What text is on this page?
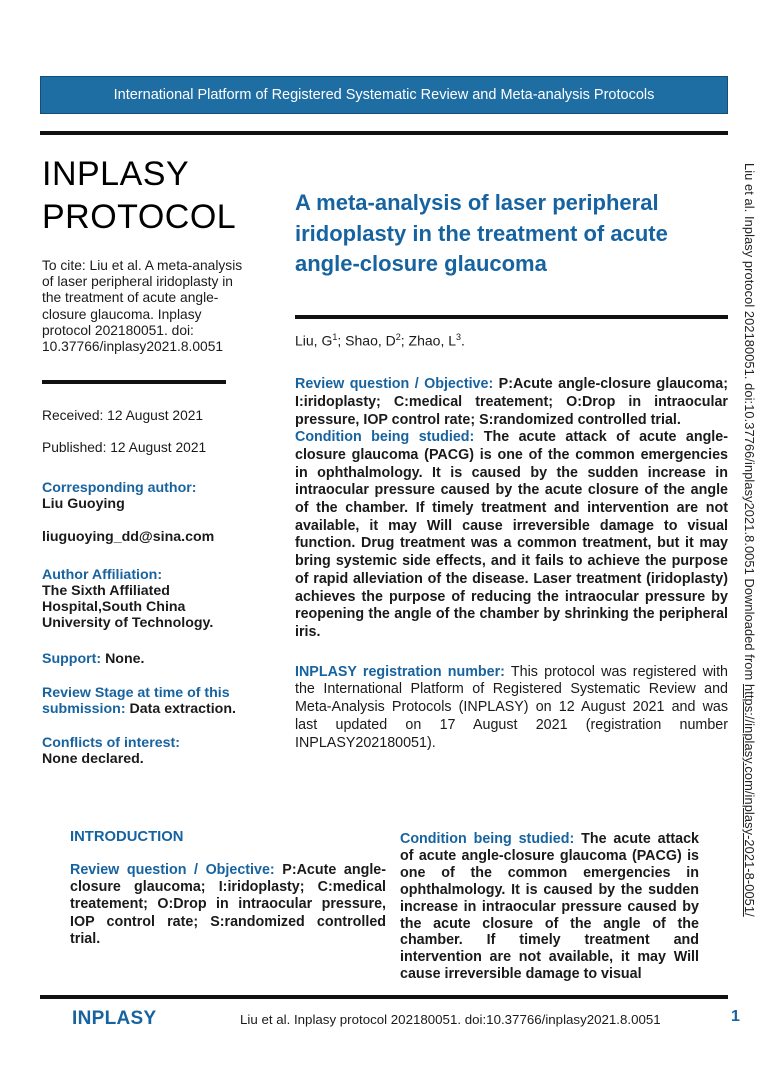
International Platform of Registered Systematic Review and Meta-analysis Protocols
INPLASY
PROTOCOL
To cite: Liu et al. A meta-analysis of laser peripheral iridoplasty in the treatment of acute angle-closure glaucoma. Inplasy protocol 202180051. doi: 10.37766/inplasy2021.8.0051
Received: 12 August 2021
Published: 12 August 2021
Corresponding author:
Liu Guoying
liuguoying_dd@sina.com
Author Affiliation:
The Sixth Affiliated Hospital,South China University of Technology.
Support: None.
Review Stage at time of this submission: Data extraction.
Conflicts of interest:
None declared.
A meta-analysis of laser peripheral iridoplasty in the treatment of acute angle-closure glaucoma
Liu, $G^1$; Shao, $D^2$; Zhao, $L^3$.
Review question / Objective: P:Acute angle-closure glaucoma; I:iridoplasty; C:medical treatement; O:Drop in intraocular pressure, IOP control rate; S:randomized controlled trial.
Condition being studied: The acute attack of acute angle-closure glaucoma (PACG) is one of the common emergencies in ophthalmology. It is caused by the sudden increase in intraocular pressure caused by the acute closure of the angle of the chamber. If timely treatment and intervention are not available, it may Will cause irreversible damage to visual function. Drug treatment was a common treatment, but it may bring systemic side effects, and it fails to achieve the purpose of rapid alleviation of the disease. Laser treatment (iridoplasty) achieves the purpose of reducing the intraocular pressure by reopening the angle of the chamber by shrinking the peripheral iris.
INPLASY registration number: This protocol was registered with the International Platform of Registered Systematic Review and Meta-Analysis Protocols (INPLASY) on 12 August 2021 and was last updated on 17 August 2021 (registration number INPLASY202180051).
INTRODUCTION
Review question / Objective: P:Acute angle-closure glaucoma; I:iridoplasty; C:medical treatement; O:Drop in intraocular pressure, IOP control rate; S:randomized controlled trial.
Condition being studied: The acute attack of acute angle-closure glaucoma (PACG) is one of the common emergencies in ophthalmology. It is caused by the sudden increase in intraocular pressure caused by the acute closure of the angle of the chamber. If timely treatment and intervention are not available, it may Will cause irreversible damage to visual
INPLASY	Liu et al. Inplasy protocol 202180051. doi:10.37766/inplasy2021.8.0051	1
Liu et al. Inplasy protocol 202180051. doi:10.37766/inplasy2021.8.0051 Downloaded from https://inplasy.com/inplasy-2021-8-0051/
